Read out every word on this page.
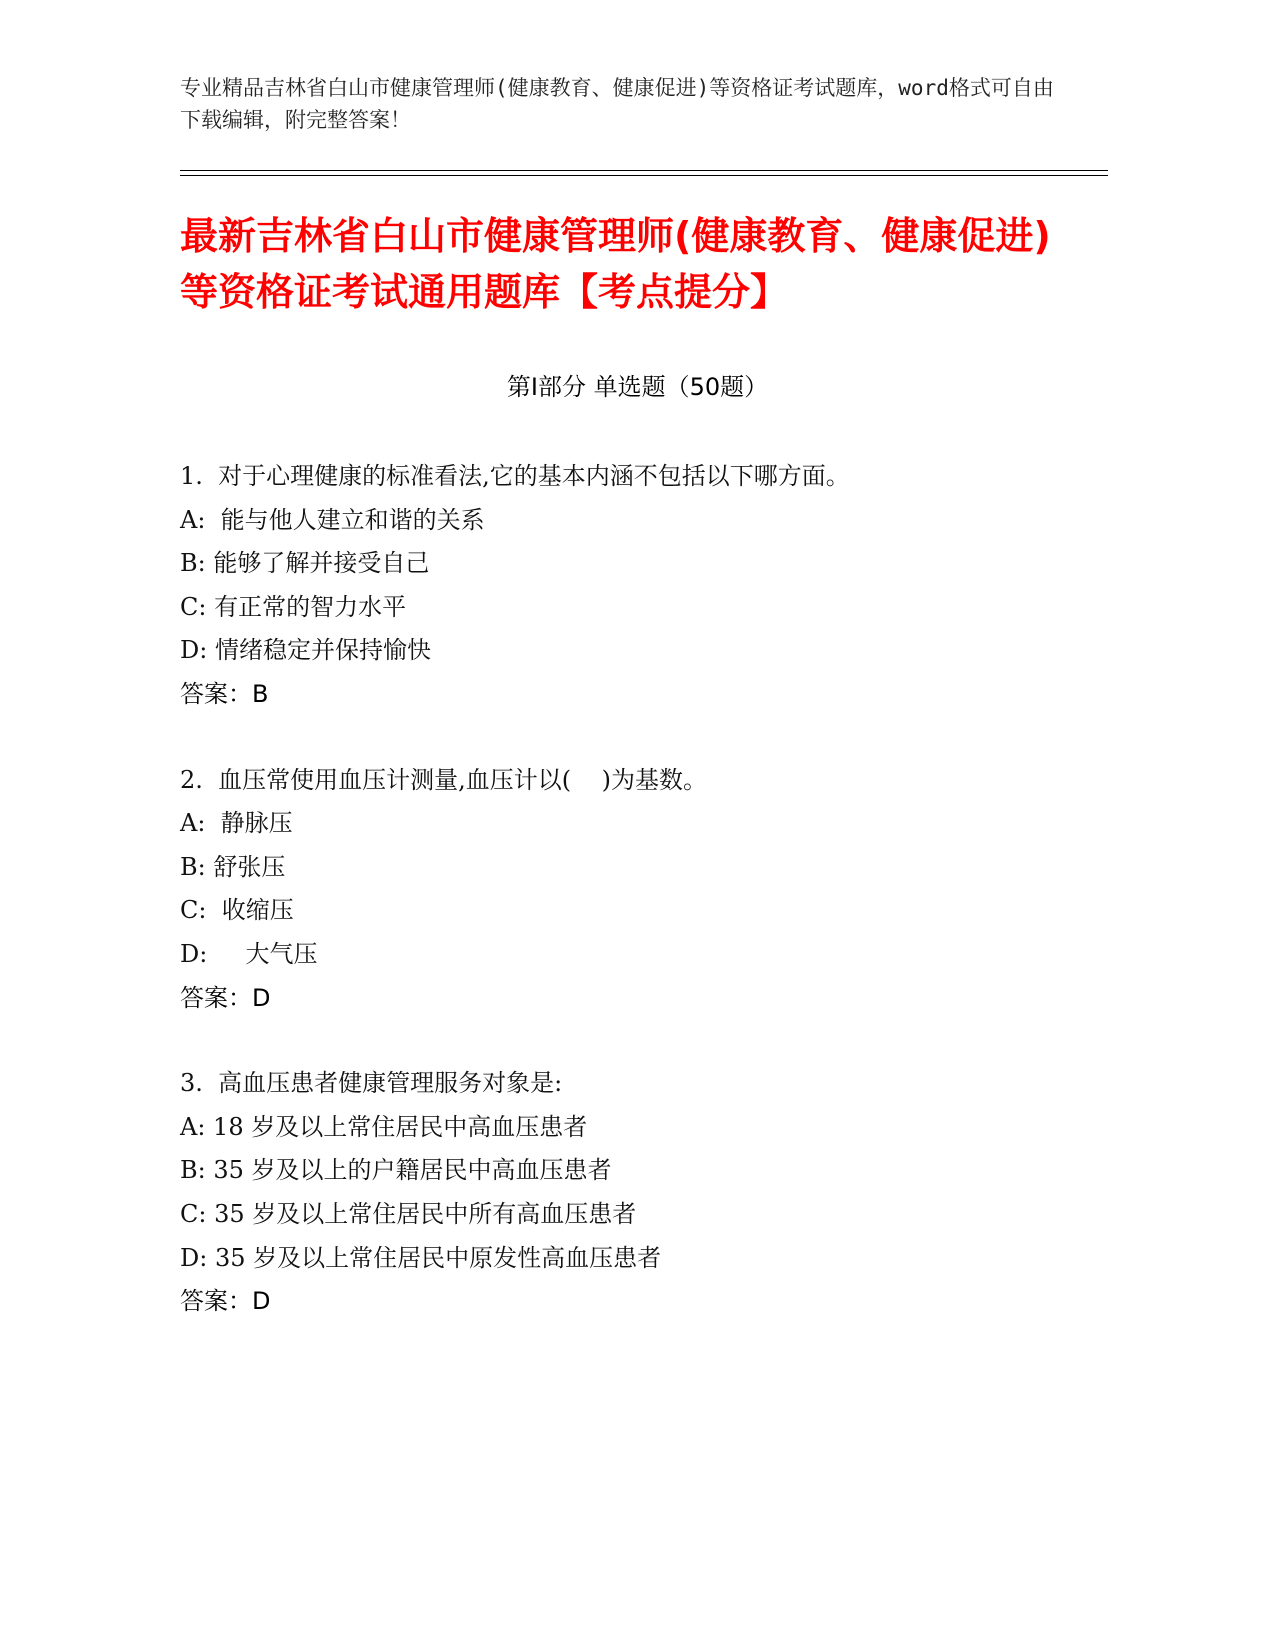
专业精品吉林省白山市健康管理师(健康教育、健康促进)等资格证考试题库，word格式可自由下载编辑，附完整答案！
最新吉林省白山市健康管理师(健康教育、健康促进)等资格证考试通用题库【考点提分】
第Ⅰ部分 单选题（50题）
1.  对于心理健康的标准看法,它的基本内涵不包括以下哪方面。
A:  能与他人建立和谐的关系
B: 能够了解并接受自己
C: 有正常的智力水平
D: 情绪稳定并保持愉快
答案：B
2.  血压常使用血压计测量,血压计以(    )为基数。
A:  静脉压
B: 舒张压
C:  收缩压
D:     大气压
答案：D
3.  高血压患者健康管理服务对象是:
A: 18 岁及以上常住居民中高血压患者
B: 35 岁及以上的户籍居民中高血压患者
C: 35 岁及以上常住居民中所有高血压患者
D: 35 岁及以上常住居民中原发性高血压患者
答案：D
